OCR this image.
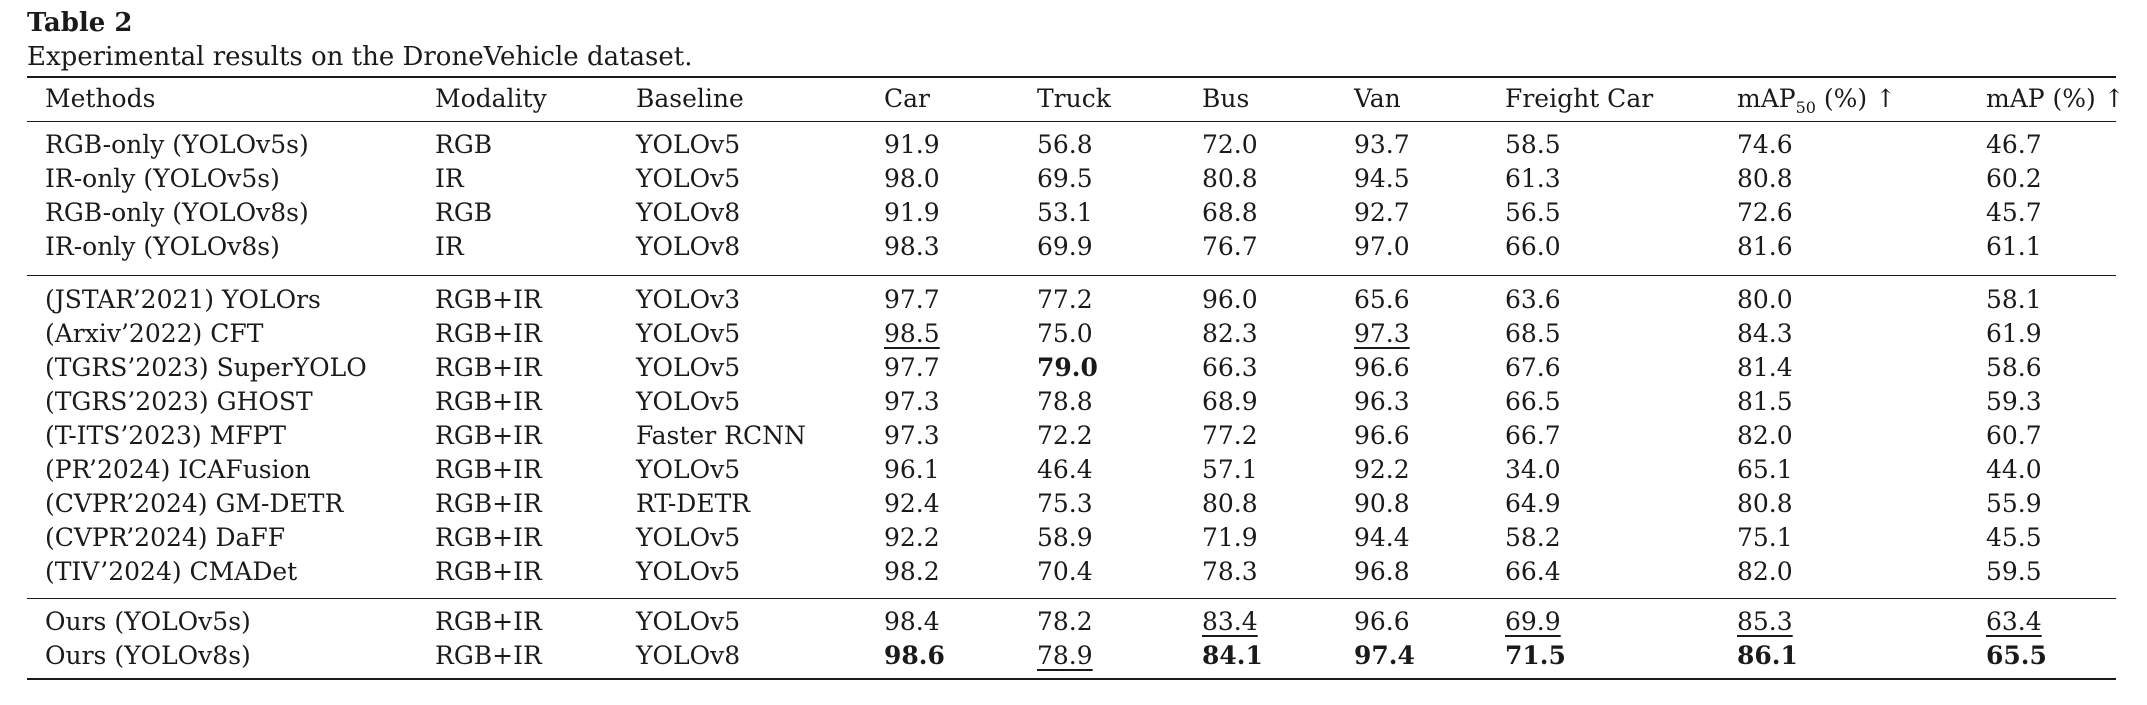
Table 2
Experimental results on the DroneVehicle dataset.
Methods	Modality	Baseline	Car	Truck	Bus	Van	Freight Car	mAP$_{50}$ (%) ↑	mAP (%) ↑
RGB-only (YOLOv5s)	RGB	YOLOv5	91.9	56.8	72.0	93.7	58.5	74.6	46.7
IR-only (YOLOv5s)	IR	YOLOv5	98.0	69.5	80.8	94.5	61.3	80.8	60.2
RGB-only (YOLOv8s)	RGB	YOLOv8	91.9	53.1	68.8	92.7	56.5	72.6	45.7
IR-only (YOLOv8s)	IR	YOLOv8	98.3	69.9	76.7	97.0	66.0	81.6	61.1
(JSTAR’2021) YOLOrs	RGB+IR	YOLOv3	97.7	77.2	96.0	65.6	63.6	80.0	58.1
(Arxiv’2022) CFT	RGB+IR	YOLOv5	98.5	75.0	82.3	97.3	68.5	84.3	61.9
(TGRS’2023) SuperYOLO	RGB+IR	YOLOv5	97.7	79.0	66.3	96.6	67.6	81.4	58.6
(TGRS’2023) GHOST	RGB+IR	YOLOv5	97.3	78.8	68.9	96.3	66.5	81.5	59.3
(T-ITS’2023) MFPT	RGB+IR	Faster RCNN	97.3	72.2	77.2	96.6	66.7	82.0	60.7
(PR’2024) ICAFusion	RGB+IR	YOLOv5	96.1	46.4	57.1	92.2	34.0	65.1	44.0
(CVPR’2024) GM-DETR	RGB+IR	RT-DETR	92.4	75.3	80.8	90.8	64.9	80.8	55.9
(CVPR’2024) DaFF	RGB+IR	YOLOv5	92.2	58.9	71.9	94.4	58.2	75.1	45.5
(TIV’2024) CMADet	RGB+IR	YOLOv5	98.2	70.4	78.3	96.8	66.4	82.0	59.5
Ours (YOLOv5s)	RGB+IR	YOLOv5	98.4	78.2	83.4	96.6	69.9	85.3	63.4
Ours (YOLOv8s)	RGB+IR	YOLOv8	98.6	78.9	84.1	97.4	71.5	86.1	65.5
